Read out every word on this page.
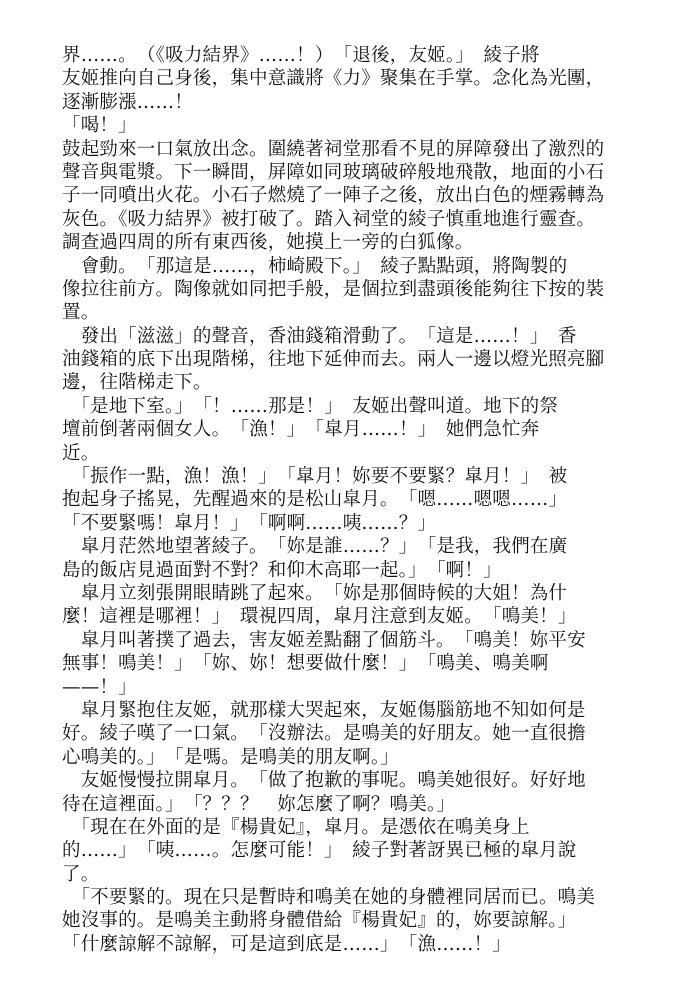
界……。　（《吸力結界》……！）　「退後，友姬。」　綾子將
友姬推向自己身後，集中意識將《力》聚集在手掌。念化為光團，
逐漸膨漲……！
「喝！」
鼓起勁來一口氣放出念。圍繞著祠堂那看不見的屏障發出了激烈的
聲音與電漿。下一瞬間，屏障如同玻璃破碎般地飛散，地面的小石
子一同噴出火花。小石子燃燒了一陣子之後，放出白色的煙霧轉為
灰色。《吸力結界》被打破了。踏入祠堂的綾子慎重地進行靈查。
調查過四周的所有東西後，她摸上一旁的白狐像。
　會動。　「那這是……，柿崎殿下。」　綾子點點頭，將陶製的
像拉往前方。陶像就如同把手般，是個拉到盡頭後能夠往下按的裝
置。
　發出「滋滋」的聲音，香油錢箱滑動了。　「這是……！」　香
油錢箱的底下出現階梯，往地下延伸而去。兩人一邊以燈光照亮腳
邊，往階梯走下。
　「是地下室。」　「！……那是！」　友姬出聲叫道。地下的祭
壇前倒著兩個女人。　「漁！」　「皐月……！」　她們急忙奔
近。
　「振作一點，漁！漁！」　「皐月！妳要不要緊？皐月！」　被
抱起身子搖晃，先醒過來的是松山皐月。　「嗯……嗯嗯……」
「不要緊嗎！皐月！」　「啊啊……咦……？」
　皐月茫然地望著綾子。　「妳是誰……？」　「是我，我們在廣
島的飯店見過面對不對？和仰木高耶一起。」　「啊！」
　皐月立刻張開眼睛跳了起來。　「妳是那個時候的大姐！為什
麼！這裡是哪裡！」　環視四周，皐月注意到友姬。　「鳴美！」
　皐月叫著撲了過去，害友姬差點翻了個筋斗。　「鳴美！妳平安
無事！鳴美！」　「妳、妳！想要做什麼！」　「鳴美、鳴美啊
——！」
　皐月緊抱住友姬，就那樣大哭起來，友姬傷腦筋地不知如何是
好。綾子嘆了一口氣。　「沒辦法。是鳴美的好朋友。她一直很擔
心鳴美的。」　「是嗎。是鳴美的朋友啊。」
　友姬慢慢拉開皐月。　「做了抱歉的事呢。鳴美她很好。好好地
待在這裡面。」　「？？？　妳怎麼了啊？鳴美。」
　「現在在外面的是『楊貴妃』，皐月。是憑依在鳴美身上
的……」　「咦……。怎麼可能！」　綾子對著訝異已極的皐月說
了。
　「不要緊的。現在只是暫時和鳴美在她的身體裡同居而已。鳴美
她沒事的。是鳴美主動將身體借給『楊貴妃』的，妳要諒解。」
「什麼諒解不諒解，可是這到底是……」　「漁……！」
